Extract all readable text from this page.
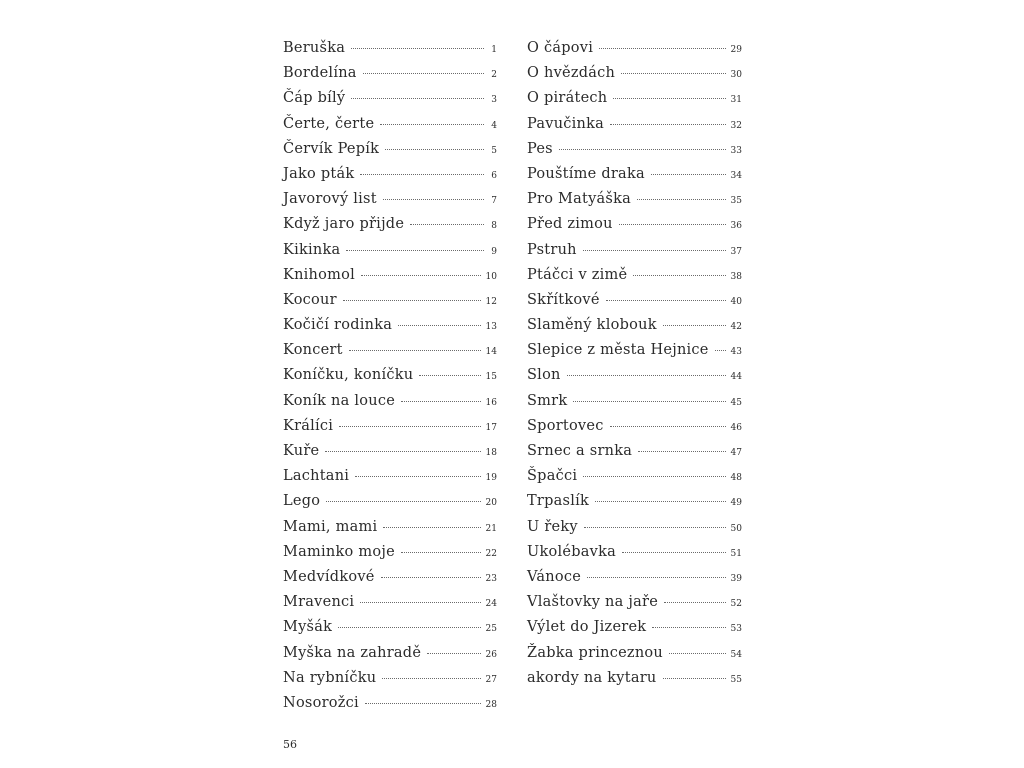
Beruška	1
Bordelína	2
Čáp bílý	3
Čerte, čerte	4
Červík Pepík	5
Jako pták	6
Javorový list	7
Když jaro přijde	8
Kikinka	9
Knihomol	10
Kocour	12
Kočičí rodinka	13
Koncert	14
Koníčku, koníčku	15
Koník na louce	16
Králíci	17
Kuře	18
Lachtani	19
Lego	20
Mami, mami	21
Maminko moje	22
Medvídkové	23
Mravenci	24
Myšák	25
Myška na zahradě	26
Na rybníčku	27
Nosorožci	28
O čápovi	29
O hvězdách	30
O pirátech	31
Pavučinka	32
Pes	33
Pouštíme draka	34
Pro Matyáška	35
Před zimou	36
Pstruh	37
Ptáčci v zimě	38
Skřítkové	40
Slaměný klobouk	42
Slepice z města Hejnice 43
Slon	44
Smrk	45
Sportovec	46
Srnec a srnka	47
Špačci	48
Trpaslík	49
U řeky	50
Ukolébavka	51
Vánoce	39
Vlaštovky na jaře	52
Výlet do Jizerek	53
Žabka princeznou	54
akordy na kytaru	55
56
